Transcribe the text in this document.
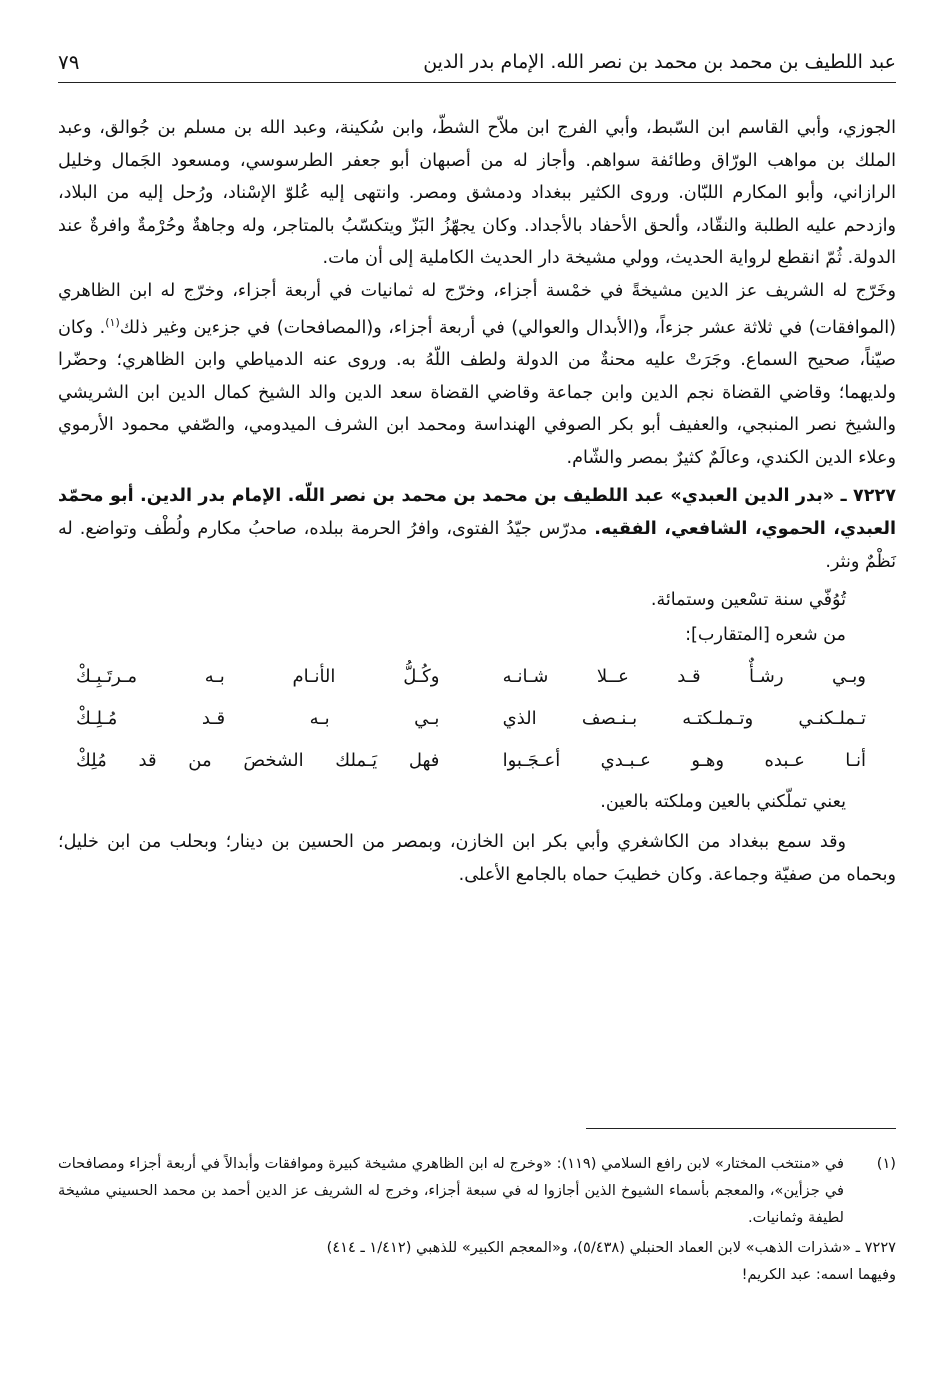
عبد اللطيف بن محمد بن محمد بن نصر الله. الإمام بدر الدين
٧٩

الجوزي، وأبي القاسم ابن السّبط، وأبي الفرج ابن ملاّح الشطّ، وابن سُكينة، وعبد الله بن مسلم بن جُوالق، وعبد الملك بن مواهب الورّاق وطائفة سواهم. وأجاز له من أصبهان أبو جعفر الطرسوسي، ومسعود الجَمال وخليل الرازاني، وأبو المكارم اللبّان. وروى الكثير ببغداد ودمشق ومصر. وانتهى إليه عُلوّ الإسْناد، ورُحل إليه من البلاد، وازدحم عليه الطلبة والنقّاد، وألحق الأحفاد بالأجداد. وكان يجهّزُ البَزّ ويتكسّبُ بالمتاجر، وله وجاهةٌ وحُرْمةٌ وافرةٌ عند الدولة. ثُمّ انقطع لرواية الحديث، وولي مشيخة دار الحديث الكاملية إلى أن مات.

وخَرّج له الشريف عز الدين مشيخةً في خمْسة أجزاء، وخرّج له ثمانيات في أربعة أجزاء، وخرّج له ابن الظاهري (الموافقات) في ثلاثة عشر جزءاً، و(الأبدال والعوالي) في أربعة أجزاء، و(المصافحات) في جزءين وغير ذلك$^{(١)}$. وكان صيّناً، صحيح السماع. وجَرَتْ عليه محنةٌ من الدولة ولطف اللّهُ به. وروى عنه الدمياطي وابن الظاهري؛ وحضّرا ولديهما؛ وقاضي القضاة نجم الدين وابن جماعة وقاضي القضاة سعد الدين والد الشيخ كمال الدين ابن الشريشي والشيخ نصر المنبجي، والعفيف أبو بكر الصوفي الهنداسة ومحمد ابن الشرف الميدومي، والصّفي محمود الأرموي وعلاء الدين الكندي، وعالَمٌ كثيرٌ بمصر والشّام.

٧٢٢٧ ـ «بدر الدين العبدي» عبد اللطيف بن محمد بن محمد بن نصر اللّه. الإمام بدر الدين. أبو محمّد العبدي، الحموي، الشافعي، الفقيه. مدرّس جيّدُ الفتوى، وافرُ الحرمة ببلده، صاحبُ مكارم ولُطْف وتواضع. له نَظْمٌ ونثر.

تُوُفّي سنة تسْعين وستمائة.

من شعره [المتقارب]:

وبـي رشـأٌ قـد عــلا شـانـه
وكُـلُّ الأنـام بـه مـرتَـبِـكْ
تـملـكنـي وتـملـكتـه بـنـصف الذي
بـي بـه قـد مُـلِـكْ
أنـا عـبده وهـو عـبـدي أعـجَـبوا
فهل يَـملك الشخصَ من قد مُلِكْ

يعني تملّكني بالعين وملكته بالعين.

وقد سمع ببغداد من الكاشغري وأبي بكر ابن الخازن، وبمصر من الحسين بن دينار؛ وبحلب من ابن خليل؛ وبحماه من صفيّة وجماعة. وكان خطيبَ حماه بالجامع الأعلى.

(١)
في «منتخب المختار» لابن رافع السلامي (١١٩): «وخرج له ابن الظاهري مشيخة كبيرة وموافقات وأبدالاً في أربعة أجزاء ومصافحات في جزأين»، والمعجم بأسماء الشيوخ الذين أجازوا له في سبعة أجزاء، وخرج له الشريف عز الدين أحمد بن محمد الحسيني مشيخة لطيفة وثمانيات.

٧٢٢٧ ـ «شذرات الذهب» لابن العماد الحنبلي (٥/٤٣٨)، و«المعجم الكبير» للذهبي (١/٤١٢ ـ ٤١٤)

وفيهما اسمه: عبد الكريم!
